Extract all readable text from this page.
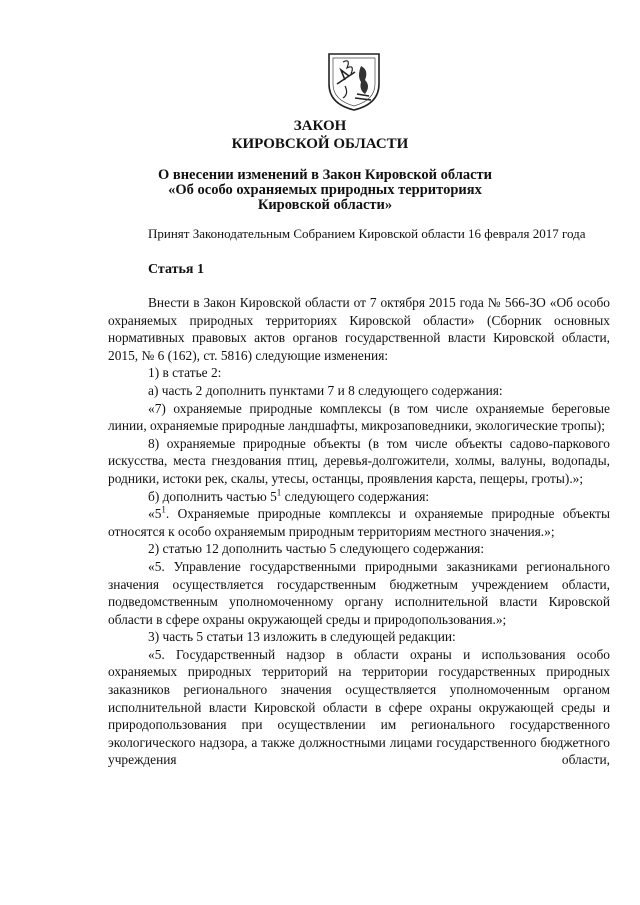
ЗАКОН
КИРОВСКОЙ ОБЛАСТИ
О внесении изменений в Закон Кировской области
«Об особо охраняемых природных территориях
Кировской области»
Принят Законодательным Собранием Кировской области 16 февраля 2017 года
Статья 1

Внести в Закон Кировской области от 7 октября 2015 года № 566-ЗО «Об особо охраняемых природных территориях Кировской области» (Сборник основных нормативных правовых актов органов государственной власти Кировской области, 2015, № 6 (162), ст. 5816) следующие изменения:

1) в статье 2:

а) часть 2 дополнить пунктами 7 и 8 следующего содержания:

«7) охраняемые природные комплексы (в том числе охраняемые береговые линии, охраняемые природные ландшафты, микрозаповедники, экологические тропы);

8) охраняемые природные объекты (в том числе объекты садово-паркового искусства, места гнездования птиц, деревья-долгожители, холмы, валуны, водопады, родники, истоки рек, скалы, утесы, останцы, проявления карста, пещеры, гроты).»;

б) дополнить частью $5^1$ следующего содержания:

«$5^1$. Охраняемые природные комплексы и охраняемые природные объекты относятся к особо охраняемым природным территориям местного значения.»;

2) статью 12 дополнить частью 5 следующего содержания:

«5. Управление государственными природными заказниками регионального значения осуществляется государственным бюджетным учреждением области, подведомственным уполномоченному органу исполнительной власти Кировской области в сфере охраны окружающей среды и природопользования.»;

3) часть 5 статьи 13 изложить в следующей редакции:

«5. Государственный надзор в области охраны и использования особо охраняемых природных территорий на территории государственных природных заказников регионального значения осуществляется уполномоченным органом исполнительной власти Кировской области в сфере охраны окружающей среды и природопользования при осуществлении им регионального государственного экологического надзора, а также должностными лицами государственного бюджетного учреждения области,
